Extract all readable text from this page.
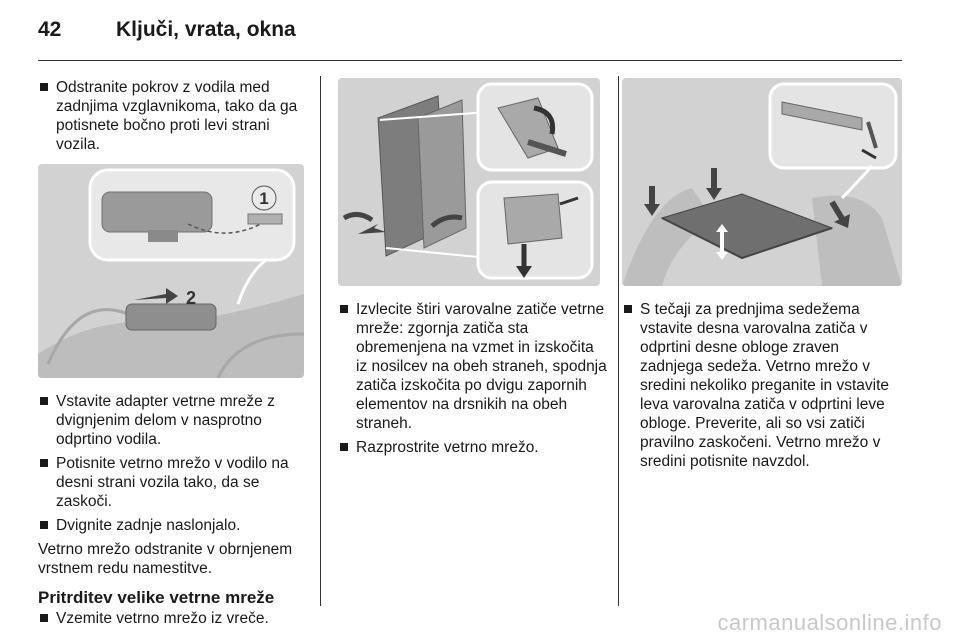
42	Ključi, vrata, okna
Odstranite pokrov z vodila med zadnjima vzglavnikoma, tako da ga potisnete bočno proti levi strani vozila.
1
2
Vstavite adapter vetrne mreže z dvignjenim delom v nasprotno odprtino vodila.
Potisnite vetrno mrežo v vodilo na desni strani vozila tako, da se zaskoči.
Dvignite zadnje naslonjalo.
Vetrno mrežo odstranite v obrnjenem vrstnem redu namestitve.
Pritrditev velike vetrne mreže
Vzemite vetrno mrežo iz vreče.
Izvlecite štiri varovalne zatiče vetrne mreže: zgornja zatiča sta obremenjena na vzmet in izskočita iz nosilcev na obeh straneh, spodnja zatiča izskočita po dvigu zapornih elementov na drsnikih na obeh straneh.
Razprostrite vetrno mrežo.
S tečaji za prednjima sedežema vstavite desna varovalna zatiča v odprtini desne obloge zraven zadnjega sedeža. Vetrno mrežo v sredini nekoliko preganite in vstavite leva varovalna zatiča v odprtini leve obloge. Preverite, ali so vsi zatiči pravilno zaskočeni. Vetrno mrežo v sredini potisnite navzdol.
carmanualsonline.info
